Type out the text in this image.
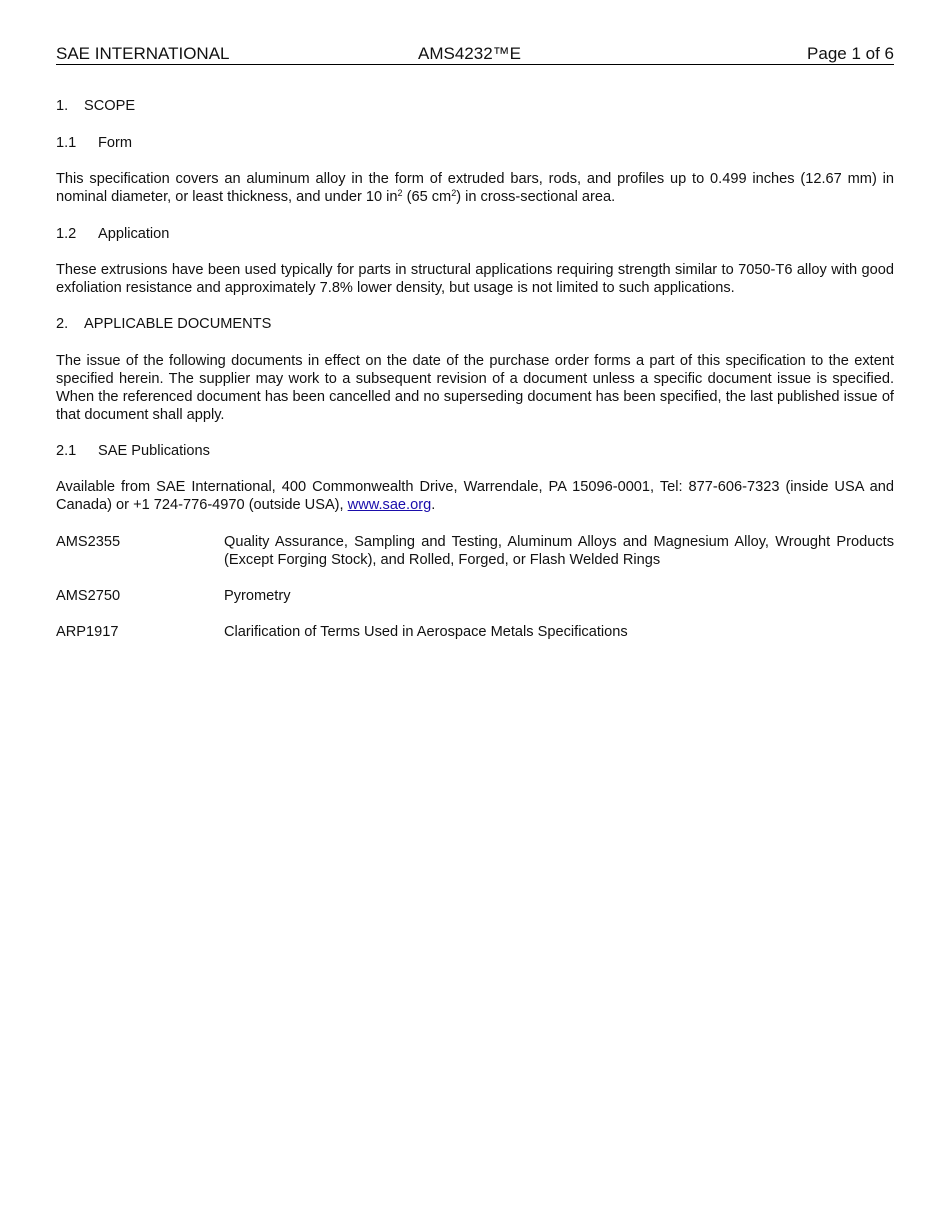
SAE INTERNATIONAL	AMS4232™E	Page 1 of 6
1. SCOPE
1.1 Form
This specification covers an aluminum alloy in the form of extruded bars, rods, and profiles up to 0.499 inches (12.67 mm) in nominal diameter, or least thickness, and under 10 $in^2$ (65 $cm^2$) in cross-sectional area.
1.2 Application
These extrusions have been used typically for parts in structural applications requiring strength similar to 7050-T6 alloy with good exfoliation resistance and approximately 7.8% lower density, but usage is not limited to such applications.
2. APPLICABLE DOCUMENTS
The issue of the following documents in effect on the date of the purchase order forms a part of this specification to the extent specified herein. The supplier may work to a subsequent revision of a document unless a specific document issue is specified. When the referenced document has been cancelled and no superseding document has been specified, the last published issue of that document shall apply.
2.1 SAE Publications
Available from SAE International, 400 Commonwealth Drive, Warrendale, PA 15096-0001, Tel: 877-606-7323 (inside USA and Canada) or +1 724-776-4970 (outside USA), www.sae.org.
AMS2355	Quality Assurance, Sampling and Testing, Aluminum Alloys and Magnesium Alloy, Wrought Products (Except Forging Stock), and Rolled, Forged, or Flash Welded Rings
AMS2750	Pyrometry
ARP1917	Clarification of Terms Used in Aerospace Metals Specifications
